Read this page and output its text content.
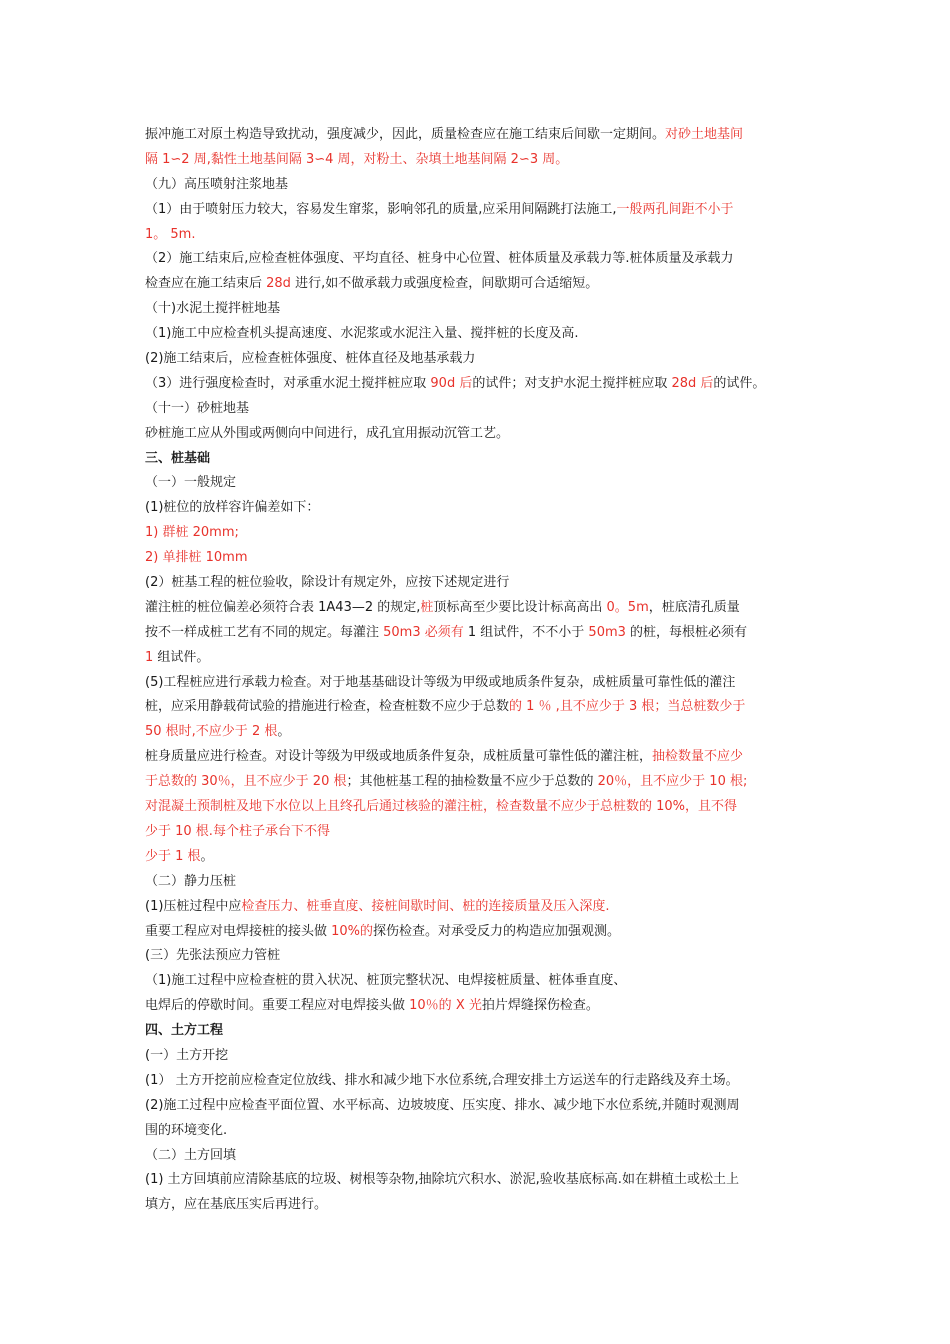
振冲施工对原土构造导致扰动，强度减少，因此，质量检查应在施工结束后间歇一定期间。对砂土地基间
隔 1∽2 周,黏性土地基间隔 3∽4 周，对粉土、杂填土地基间隔 2∽3 周。
（九）高压喷射注浆地基
（1）由于喷射压力较大，容易发生窜浆，影响邻孔的质量,应采用间隔跳打法施工,一般两孔间距不小于
1。 5m.
（2）施工结束后,应检查桩体强度、平均直径、桩身中心位置、桩体质量及承载力等.桩体质量及承载力
检查应在施工结束后 28d 进行,如不做承载力或强度检查，间歇期可合适缩短。
（十)水泥土搅拌桩地基
（1)施工中应检查机头提高速度、水泥浆或水泥注入量、搅拌桩的长度及高.
(2)施工结束后，应检查桩体强度、桩体直径及地基承载力
（3）进行强度检查时，对承重水泥土搅拌桩应取 90d 后的试件；对支护水泥土搅拌桩应取 28d 后的试件。
（十一）砂桩地基
砂桩施工应从外围或两侧向中间进行，成孔宜用振动沉管工艺。
三、桩基础
（一）一般规定
(1)桩位的放样容许偏差如下：
1) 群桩 20mm;
2) 单排桩 10mm
(2）桩基工程的桩位验收，除设计有规定外，应按下述规定进行
灌注桩的桩位偏差必须符合表 1A43—2 的规定,桩顶标高至少要比设计标高高出 0。5m，桩底清孔质量
按不一样成桩工艺有不同的规定。每灌注 50m3 必须有 1 组试件，不不小于 50m3 的桩，每根桩必须有
1 组试件。
(5)工程桩应进行承载力检查。对于地基基础设计等级为甲级或地质条件复杂，成桩质量可靠性低的灌注
桩，应采用静载荷试验的措施进行检查，检查桩数不应少于总数的 1 ％ ,且不应少于 3 根；当总桩数少于
50 根时,不应少于 2 根。
桩身质量应进行检查。对设计等级为甲级或地质条件复杂，成桩质量可靠性低的灌注桩，抽检数量不应少
于总数的 30％，且不应少于 20 根；其他桩基工程的抽检数量不应少于总数的 20％，且不应少于 10 根;
对混凝土预制桩及地下水位以上且终孔后通过核验的灌注桩，检查数量不应少于总桩数的 10%，且不得
少于 10 根.每个柱子承台下不得
少于 1 根。
（二）静力压桩
(1)压桩过程中应检查压力、桩垂直度、接桩间歇时间、桩的连接质量及压入深度.
重要工程应对电焊接桩的接头做 10%的探伤检查。对承受反力的构造应加强观测。
(三）先张法预应力管桩
（1)施工过程中应检查桩的贯入状况、桩顶完整状况、电焊接桩质量、桩体垂直度、
电焊后的停歇时间。重要工程应对电焊接头做 10％的 X 光拍片焊缝探伤检查。
四、土方工程
(一）土方开挖
(1） 土方开挖前应检查定位放线、排水和减少地下水位系统,合理安排土方运送车的行走路线及弃土场。
(2)施工过程中应检查平面位置、水平标高、边坡坡度、压实度、排水、减少地下水位系统,并随时观测周
围的环境变化.
（二）土方回填
(1) 土方回填前应清除基底的垃圾、树根等杂物,抽除坑穴积水、淤泥,验收基底标高.如在耕植土或松土上
填方，应在基底压实后再进行。
